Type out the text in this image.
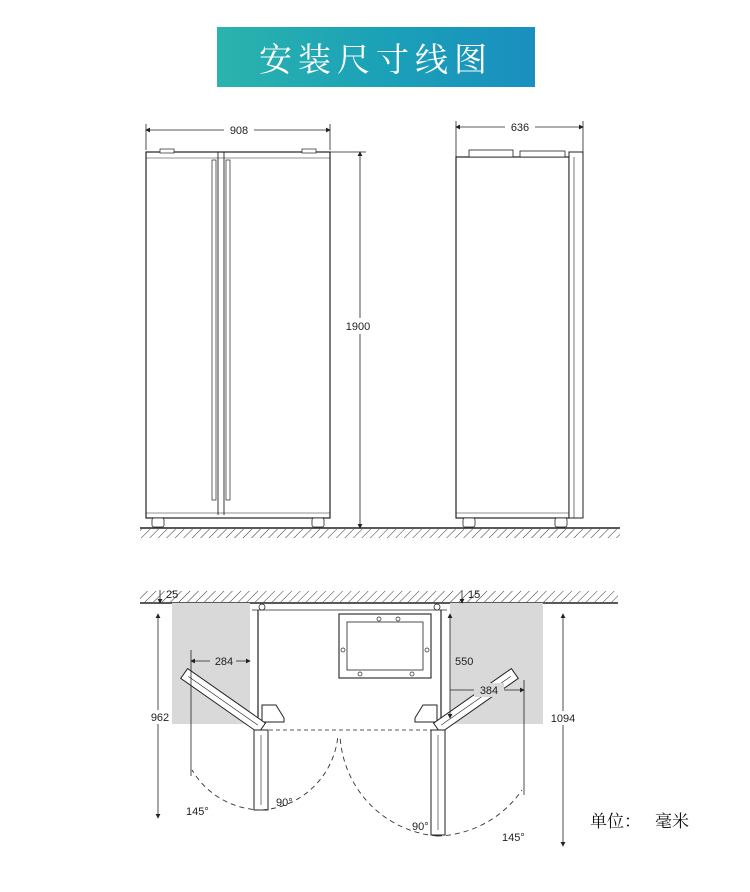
安装尺寸线图
908
1900
636
25
962
284
145°
90°
15
550
384
1094
90°
145°
单位： 毫米
